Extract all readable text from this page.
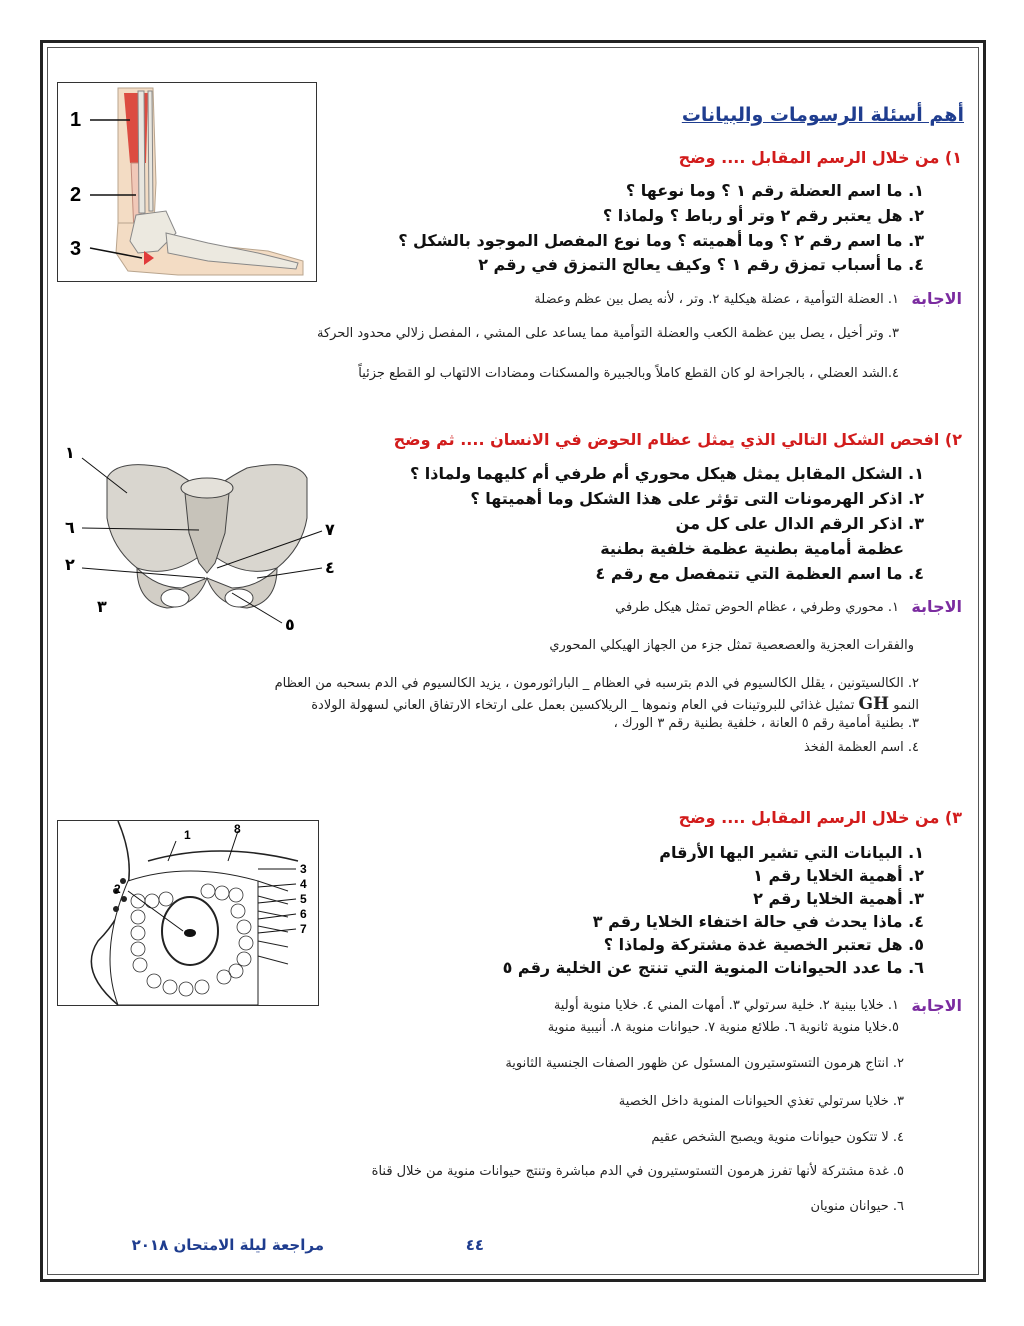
أهم أسئلة الرسومات والبيانات
1
2
3
١) من خلال الرسم المقابل .... وضح
١. ما اسم العضلة رقم ١ ؟ وما نوعها ؟
٢. هل يعتبر رقم ٢ وتر أو رباط ؟ ولماذا ؟
٣. ما اسم رقم ٢ ؟ وما أهميته ؟ وما نوع المفصل الموجود بالشكل ؟
٤. ما أسباب تمزق رقم ١ ؟ وكيف يعالج التمزق في رقم ٢
الاجابة
١. العضلة التوأمية ، عضلة هيكلية ٢. وتر ، لأنه يصل بين عظم وعضلة
٣. وتر أخيل ، يصل بين عظمة الكعب والعضلة التوأمية مما يساعد على المشي ، المفصل زلالي محدود الحركة
٤.الشد العضلي ، بالجراحة لو كان القطع كاملاً وبالجبيرة والمسكنات ومضادات الالتهاب لو القطع جزئياً
١
٢
٣
٤
٥
٦	٧
٢) افحص الشكل التالي الذي يمثل عظام الحوض في الانسان .... ثم وضح
١. الشكل المقابل يمثل هيكل محوري أم طرفي أم كليهما ولماذا ؟
٢. اذكر الهرمونات التى تؤثر على هذا الشكل وما أهميتها ؟
٣. اذكر الرقم الدال على كل من
عظمة أمامية بطنية عظمة خلفية بطنية
٤. ما اسم العظمة التي تتمفصل مع رقم ٤
الاجابة
١. محوري وطرفي ، عظام الحوض تمثل هيكل طرفي
والفقرات العجزية والعصعصية تمثل جزء من الجهاز الهيكلي المحوري
٢. الكالسيتونين ، يقلل الكالسيوم في الدم بترسبه في العظام _ الباراثورمون ، يزيد الكالسيوم في الدم بسحبه من العظام
النمو GH تمثيل غذائي للبروتينات في العام ونموها _ الريلاكسين بعمل على ارتخاء الارتفاق العاني لسهولة الولادة
٣. بطنية أمامية رقم ٥ العانة ، خلفية بطنية رقم ٣ الورك ،
٤. اسم العظمة الفخذ
1
2
3
4
5
6
7
8
٣) من خلال الرسم المقابل .... وضح
١. البيانات التي تشير اليها الأرقام
٢. أهمية الخلايا رقم ١
٣. أهمية الخلايا رقم ٢
٤. ماذا يحدث في حالة اختفاء الخلايا رقم ٣
٥. هل تعتبر الخصية غدة مشتركة ولماذا ؟
٦. ما عدد الحيوانات المنوية التي تنتج عن الخلية رقم ٥
الاجابة
١. خلايا بينية ٢. خلية سرتولي ٣. أمهات المني ٤. خلايا منوية أولية
٥.خلايا منوية ثانوية ٦. طلائع منوية ٧. حيوانات منوية ٨. أنيبية منوية
٢. انتاج هرمون التستوستيرون المسئول عن ظهور الصفات الجنسية الثانوية
٣. خلايا سرتولي تغذي الحيوانات المنوية داخل الخصية
٤. لا تتكون حيوانات منوية ويصبح الشخص عقيم
٥. غدة مشتركة لأنها تفرز هرمون التستوستيرون في الدم مباشرة وتنتج حيوانات منوية من خلال قناة
٦. حيوانان منويان
مراجعة ليلة الامتحان ٢٠١٨	٤٤
